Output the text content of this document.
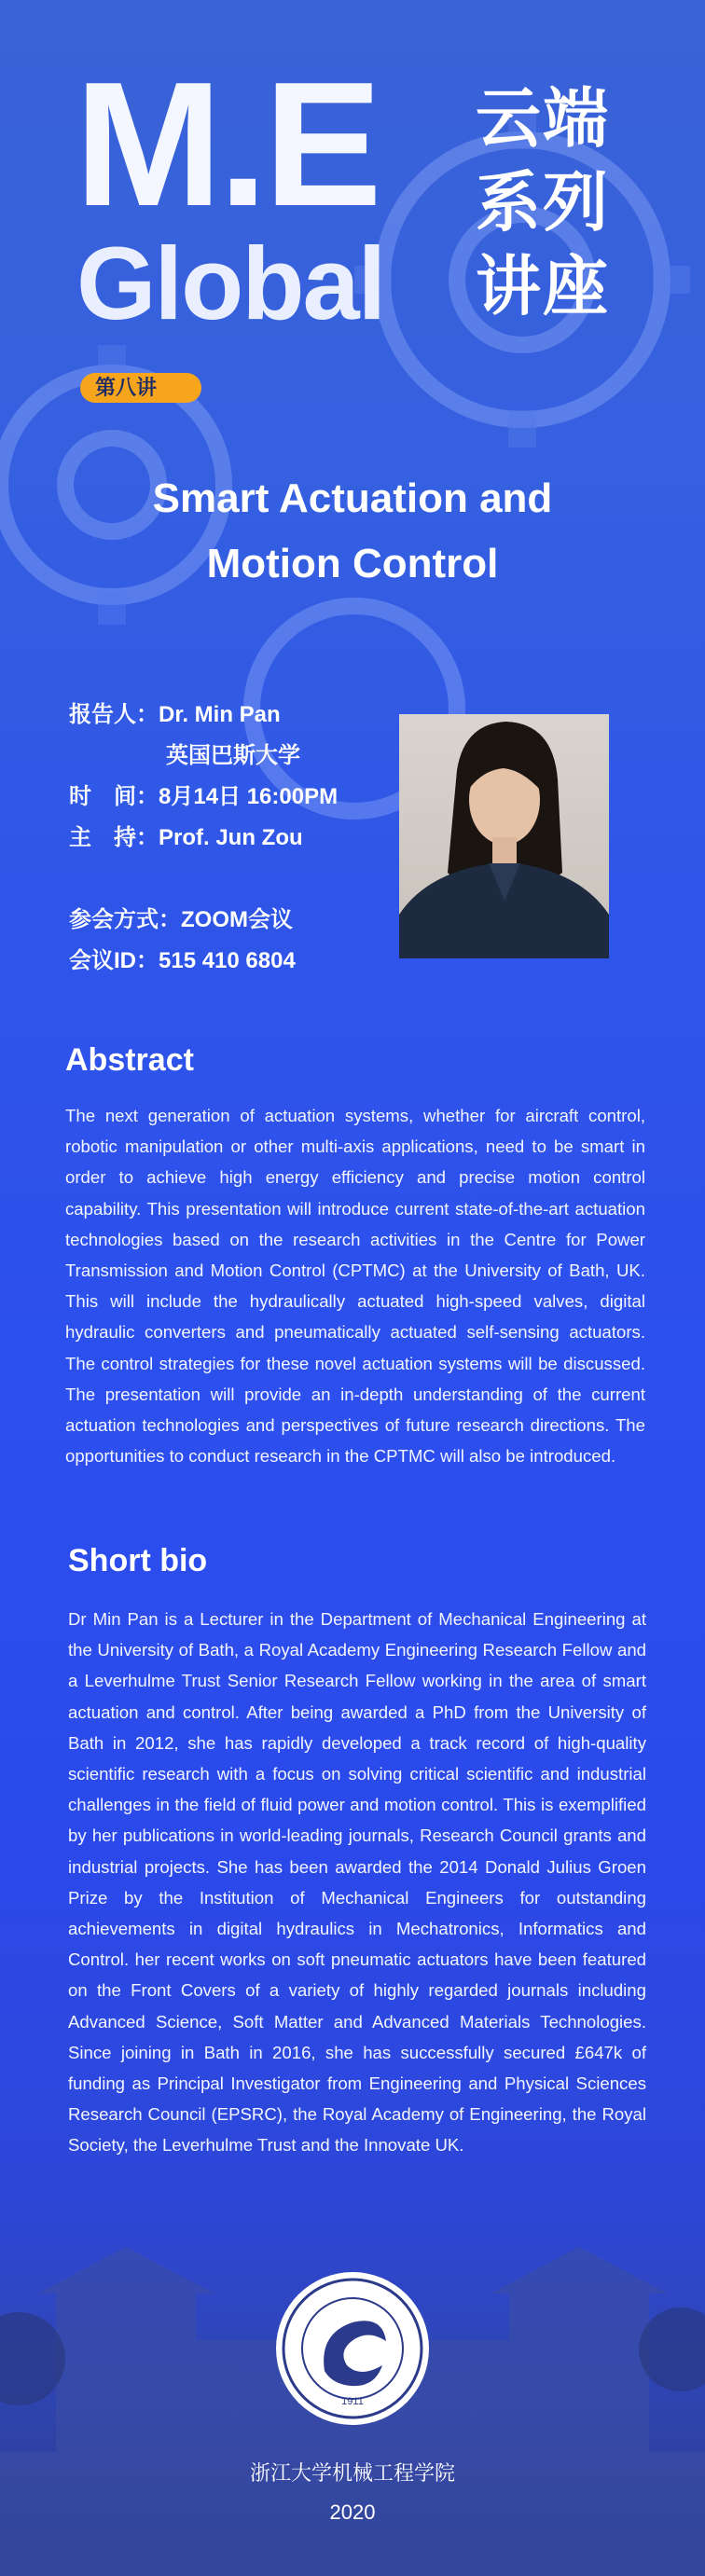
M.E
Global
云端
系列
讲座
第八讲
Smart Actuation and
Motion Control
报告人：Dr. Min Pan
英国巴斯大学
时　间：8月14日 16:00PM
主　持：Prof. Jun Zou
参会方式：ZOOM会议
会议ID：515 410 6804
Abstract
The next generation of actuation systems, whether for aircraft control, robotic manipulation or other multi-axis applications, need to be smart in order to achieve high energy efficiency and precise motion control capability. This presentation will introduce current state-of-the-art actuation technologies based on the research activities in the Centre for Power Transmission and Motion Control (CPTMC) at the University of Bath, UK. This will include the hydraulically actuated high-speed valves, digital hydraulic converters and pneumatically actuated self-sensing actuators. The control strategies for these novel actuation systems will be discussed. The presentation will provide an in-depth understanding of the current actuation technologies and perspectives of future research directions. The opportunities to conduct research in the CPTMC will also be introduced.
Short bio
Dr Min Pan is a Lecturer in the Department of Mechanical Engineering at the University of Bath, a Royal Academy Engineering Research Fellow and a Leverhulme Trust Senior Research Fellow working in the area of smart actuation and control. After being awarded a PhD from the University of Bath in 2012, she has rapidly developed a track record of high-quality scientific research with a focus on solving critical scientific and industrial challenges in the field of fluid power and motion control. This is exemplified by her publications in world-leading journals, Research Council grants and industrial projects. She has been awarded the 2014 Donald Julius Groen Prize by the Institution of Mechanical Engineers for outstanding achievements in digital hydraulics in Mechatronics, Informatics and Control. her recent works on soft pneumatic actuators have been featured on the Front Covers of a variety of highly regarded journals including Advanced Science, Soft Matter and Advanced Materials Technologies. Since joining in Bath in 2016, she has successfully secured £647k of funding as Principal Investigator from Engineering and Physical Sciences Research Council (EPSRC), the Royal Academy of Engineering, the Royal Society, the Leverhulme Trust and the Innovate UK.
1911
浙江大学机械工程学院
2020
